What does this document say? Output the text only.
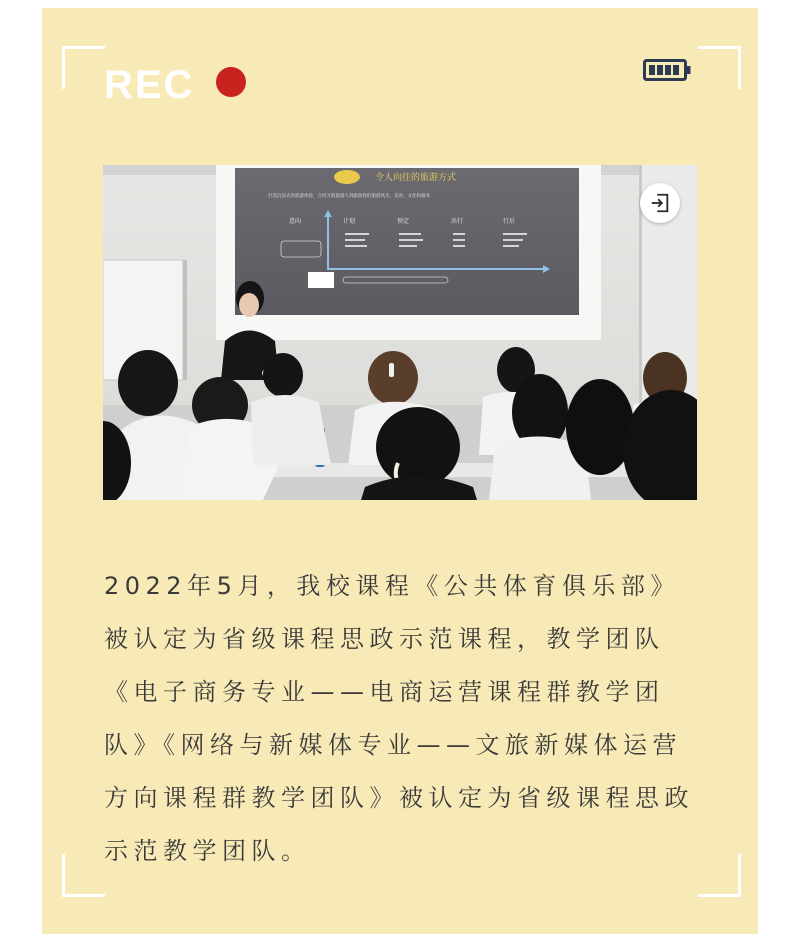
REC
令人向往的旅游方式
打造沉浸式的旅游体验，合同万般旅游人到最值得的旅游风光、美食、文化和服务
意向	计划	预定	出行	行后

2022年5月，我校课程《公共体育俱乐部》被认定为省级课程思政示范课程，教学团队《电子商务专业——电商运营课程群教学团队》《网络与新媒体专业——文旅新媒体运营方向课程群教学团队》被认定为省级课程思政示范教学团队。
